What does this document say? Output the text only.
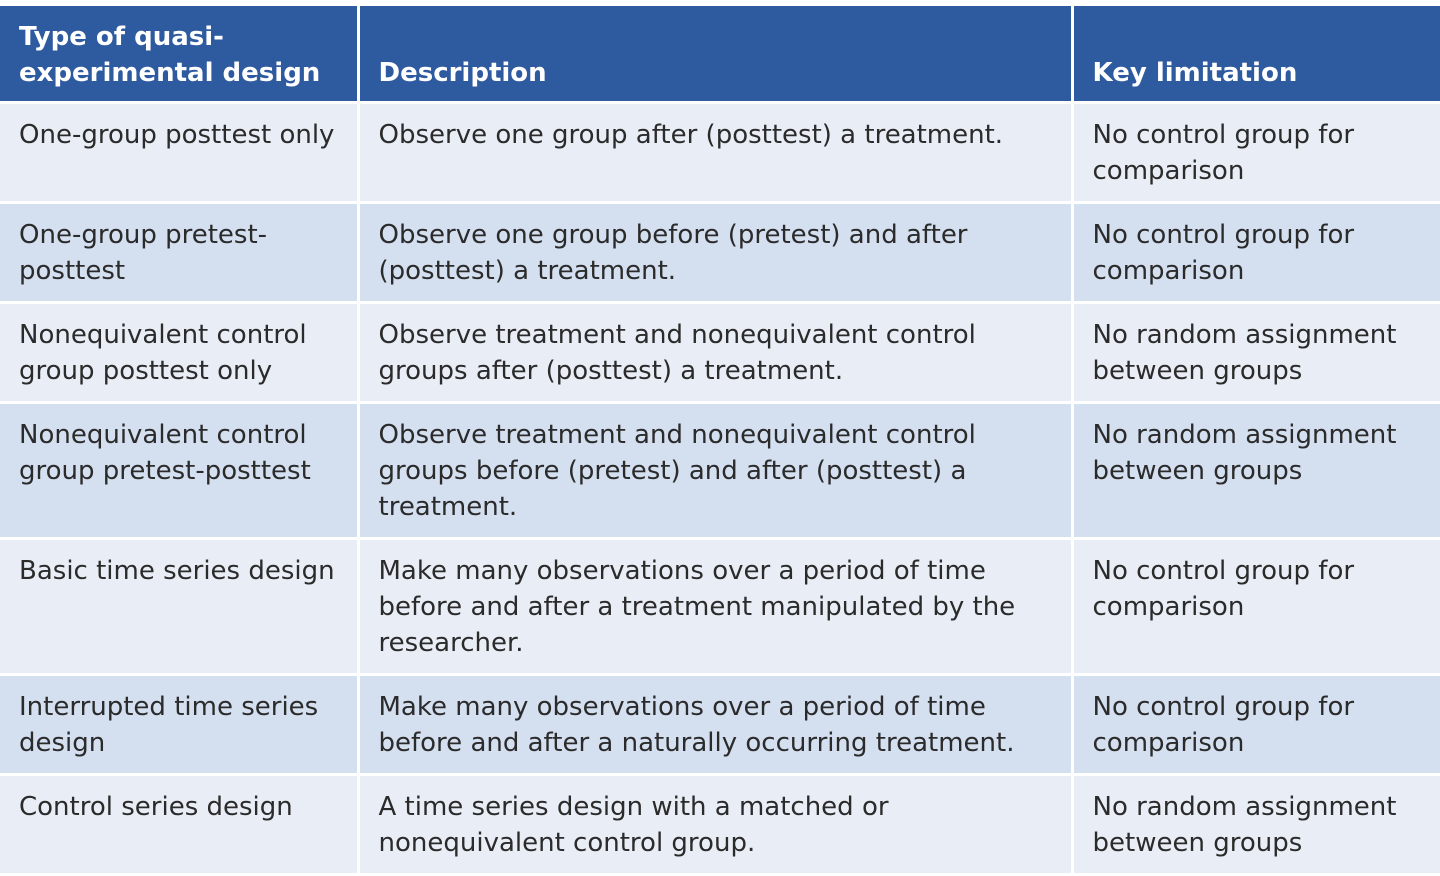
Type of quasi-experimental design	Description	Key limitation
One-group posttest only	Observe one group after (posttest) a treatment.	No control group for comparison
One-group pretest-posttest	Observe one group before (pretest) and after (posttest) a treatment.	No control group for comparison
Nonequivalent control group posttest only	Observe treatment and nonequivalent control groups after (posttest) a treatment.	No random assignment between groups
Nonequivalent control group pretest-posttest	Observe treatment and nonequivalent control groups before (pretest) and after (posttest) a treatment.	No random assignment between groups
Basic time series design	Make many observations over a period of time before and after a treatment manipulated by the researcher.	No control group for comparison
Interrupted time series design	Make many observations over a period of time before and after a naturally occurring treatment.	No control group for comparison
Control series design	A time series design with a matched or nonequivalent control group.	No random assignment between groups
